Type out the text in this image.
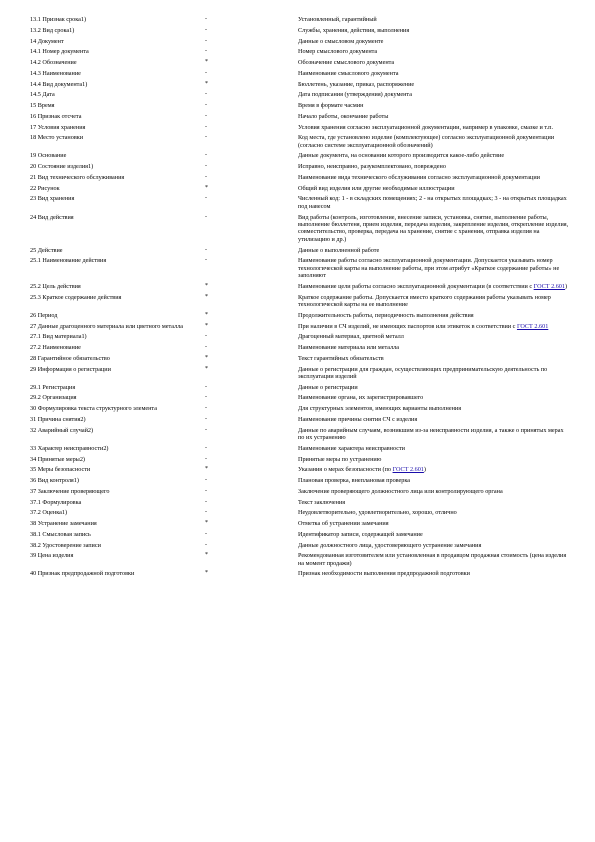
13.1 Признак срока1)	-	Установленный, гарантийный
13.2 Вид срока1)	-	Службы, хранения, действия, выполнения
14 Документ	-	Данные о смысловом документе
14.1 Номер документа	-	Номер смыслового документа
14.2 Обозначение	*	Обозначение смыслового документа
14.3 Наименование	-	Наименование смыслового документа
14.4 Вид документа1)	*	Бюллетень, указание, приказ, распоряжение
14.5 Дата	-	Дата подписания (утверждения) документа
15 Время	-	Время в формате часмин
16 Признак отсчета	-	Начало работы, окончание работы
17 Условия хранения	-	Условия хранения согласно эксплуатационной документации, например в упаковке, смазке и т.п.
18 Место установки	-	Код места, где установлено изделие (комплектующее) согласно эксплуатационной документации (согласно системе эксплуатационной обозначений)
19 Основание	-	Данные документа, на основании которого производится какое-либо действие
20 Состояние изделия1)	-	Исправно, неисправно, разукомплектовано, повреждено
21 Вид технического обслуживания	-	Наименование вида технического обслуживания согласно эксплуатационной документации
22 Рисунок	*	Общий вид изделия или другие необходимые иллюстрации
23 Вид хранения	-	Численный код: 1 - в складских помещениях; 2 - на открытых площадках; 3 - на открытых площадках под навесом
24 Вид действия	-	Вид работы (контроль, изготовление, внесение записи, установка, снятие, выполнение работы, выполнение бюллетеня, прием изделия, передача изделия, закрепление изделия, открепление изделия, совместительство, проверка, передача на хранение, снятие с хранения, отправка изделия на утилизацию и др.)
25 Действие	-	Данные о выполненной работе
25.1 Наименование действия	-	Наименование работы согласно эксплуатационной документации. Допускается указывать номер технологической карты на выполнение работы, при этом атрибут «Краткое содержание работы» не заполняют
25.2 Цель действия	*	Наименование цели работы согласно эксплуатационной документации (в соответствии с ГОСТ 2.601)
25.3 Краткое содержание действия	*	Краткое содержание работы. Допускается вместо краткого содержания работы указывать номер технологической карты на ее выполнение
26 Период	*	Продолжительность работы, периодичность выполнения действия
27 Данные драгоценного материала или цветного металла	*	При наличии в СЧ изделий, не имеющих паспортов или этикеток в соответствии с ГОСТ 2.601
27.1 Вид материала1)	-	Драгоценный материал, цветной металл
27.2 Наименование	-	Наименование материала или металла
28 Гарантийное обязательство	*	Текст гарантийных обязательств
29 Информация о регистрации	*	Данные о регистрации для граждан, осуществляющих предпринимательскую деятельность по эксплуатации изделий
29.1 Регистрация	-	Данные о регистрации
29.2 Организация	-	Наименование органа, их зарегистрировавшего
30 Формулировка текста структурного элемента	-	Для структурных элементов, имеющих варианты выполнения
31 Причина снятия2)	-	Наименование причины снятия СЧ с изделия
32 Аварийный случай2)	-	Данные по аварийным случаям, возникшим из-за неисправности изделия, а также о принятых мерах по их устранению
33 Характер неисправности2)	-	Наименование характера неисправности
34 Принятые меры2)	-	Принятые меры по устранению
35 Меры безопасности	*	Указания о мерах безопасности (по ГОСТ 2.601)
36 Вид контроля1)	-	Плановая проверка, внеплановая проверка
37 Заключение проверяющего	-	Заключение проверяющего должностного лица или контролирующего органа
37.1 Формулировка	-	Текст заключения
37.2 Оценка1)	-	Неудовлетворительно, удовлетворительно, хорошо, отлично
38 Устранение замечания	*	Отметка об устранении замечания
38.1 Смысловая запись	-	Идентификатор записи, содержащей замечание
38.2 Удостоверение записи	-	Данные должностного лица, удостоверяющего устранение замечания
39 Цена изделия	*	Рекомендованная изготовителем или установленная в продавцом продажная стоимость (цена изделия на момент продажи)
40 Признак предпродажной подготовки	*	Признак необходимости выполнения предпродажной подготовки
